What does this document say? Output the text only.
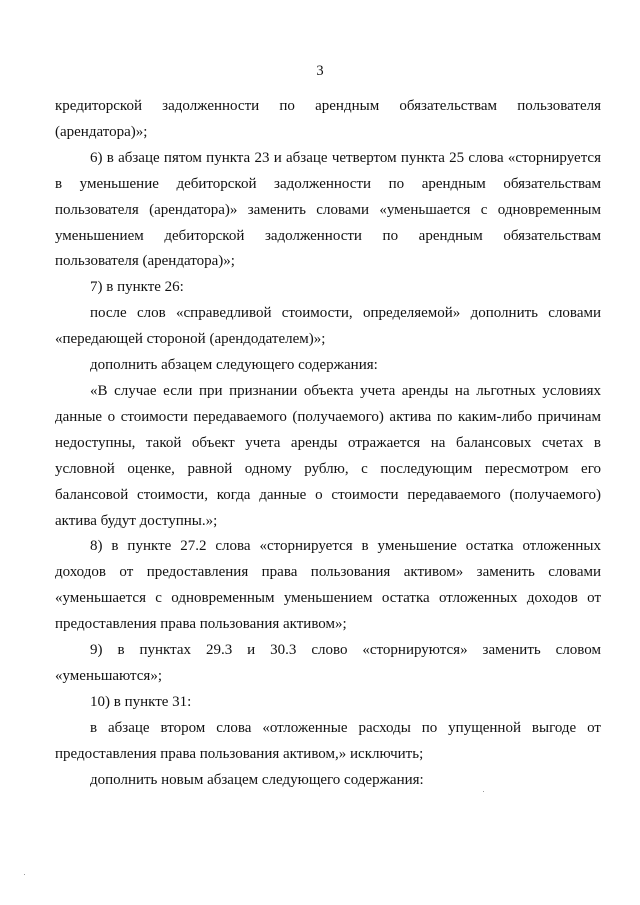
3

кредиторской задолженности по арендным обязательствам пользователя (арендатора)»;

6) в абзаце пятом пункта 23 и абзаце четвертом пункта 25 слова «сторнируется в уменьшение дебиторской задолженности по арендным обязательствам пользователя (арендатора)» заменить словами «уменьшается с одновременным уменьшением дебиторской задолженности по арендным обязательствам пользователя (арендатора)»;

7) в пункте 26:

после слов «справедливой стоимости, определяемой» дополнить словами «передающей стороной (арендодателем)»;

дополнить абзацем следующего содержания:

«В случае если при признании объекта учета аренды на льготных условиях данные о стоимости передаваемого (получаемого) актива по каким-либо причинам недоступны, такой объект учета аренды отражается на балансовых счетах в условной оценке, равной одному рублю, с последующим пересмотром его балансовой стоимости, когда данные о стоимости передаваемого (получаемого) актива будут доступны.»;

8) в пункте 27.2 слова «сторнируется в уменьшение остатка отложенных доходов от предоставления права пользования активом» заменить словами «уменьшается с одновременным уменьшением остатка отложенных доходов от предоставления права пользования активом»;

9) в пунктах 29.3 и 30.3 слово «сторнируются» заменить словом «уменьшаются»;

10) в пункте 31:

в абзаце втором слова «отложенные расходы по упущенной выгоде от предоставления права пользования активом,» исключить;

дополнить новым абзацем следующего содержания:
